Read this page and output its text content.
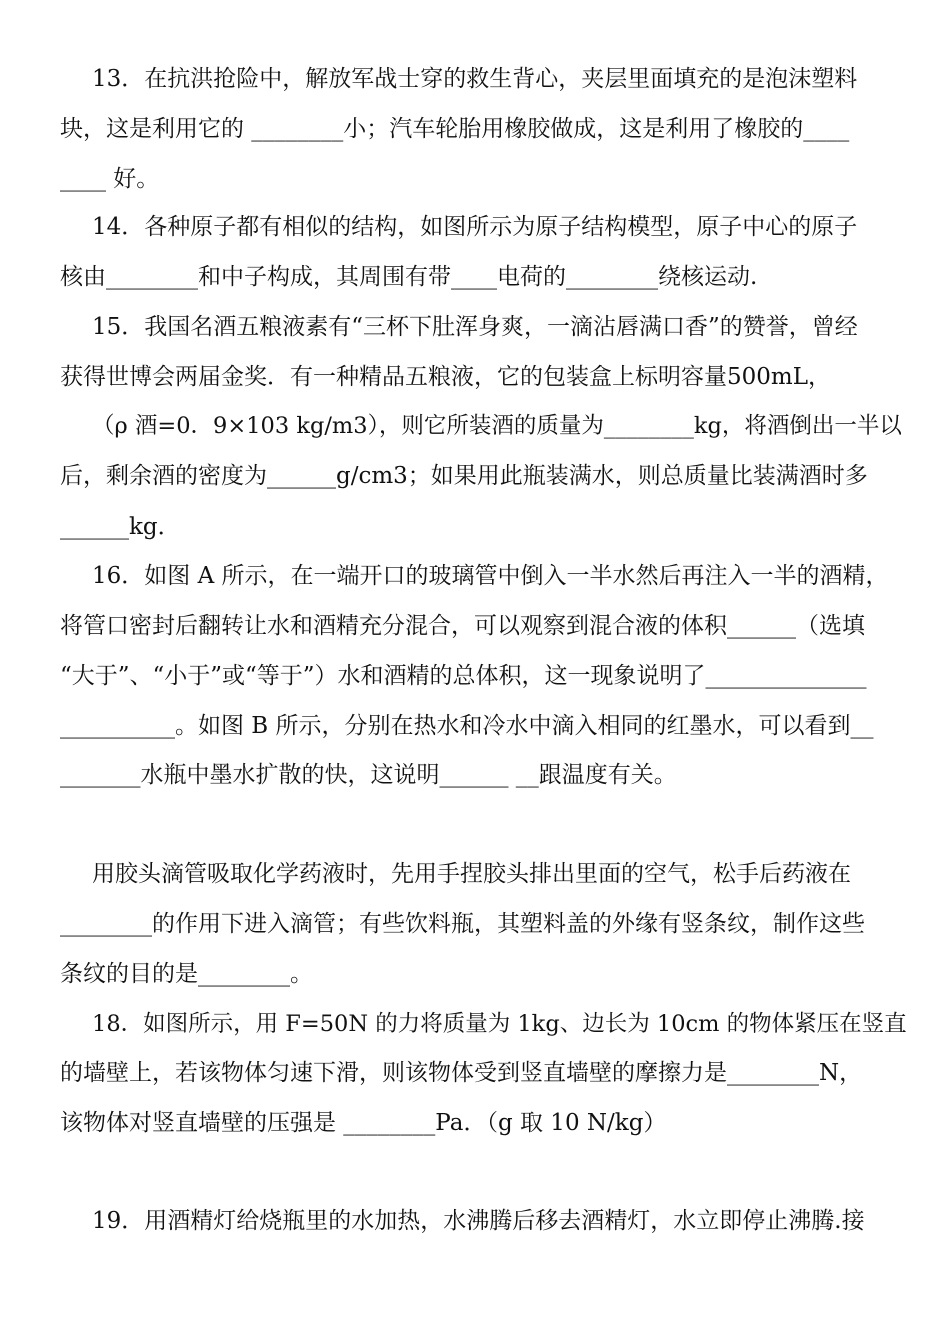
13．在抗洪抢险中，解放军战士穿的救生背心，夹层里面填充的是泡沫塑料
块，这是利用它的 ________小；汽车轮胎用橡胶做成，这是利用了橡胶的____
____ 好。
14．各种原子都有相似的结构，如图所示为原子结构模型，原子中心的原子
核由________和中子构成，其周围有带____电荷的________绕核运动.
15．我国名酒五粮液素有“三杯下肚浑身爽，一滴沾唇满口香”的赞誉，曾经
获得世博会两届金奖．有一种精品五粮液，它的包装盒上标明容量500mL，
（ρ 酒=0．9×103 kg/m3），则它所装酒的质量为________kg，将酒倒出一半以
后，剩余酒的密度为______g/cm3；如果用此瓶装满水，则总质量比装满酒时多
______kg．
16．如图 A 所示，在一端开口的玻璃管中倒入一半水然后再注入一半的酒精，
将管口密封后翻转让水和酒精充分混合，可以观察到混合液的体积______（选填
“大于”、“小于”或“等于”）水和酒精的总体积，这一现象说明了______________
__________。如图 B 所示，分别在热水和冷水中滴入相同的红墨水，可以看到__
_______水瓶中墨水扩散的快，这说明______ __跟温度有关。
用胶头滴管吸取化学药液时，先用手捏胶头排出里面的空气，松手后药液在
________的作用下进入滴管；有些饮料瓶，其塑料盖的外缘有竖条纹，制作这些
条纹的目的是________。
18．如图所示，用 F=50N 的力将质量为 1kg、边长为 10cm 的物体紧压在竖直
的墙壁上，若该物体匀速下滑，则该物体受到竖直墙壁的摩擦力是________N，
该物体对竖直墙壁的压强是 ________Pa．（g 取 10 N/kg）
19．用酒精灯给烧瓶里的水加热，水沸腾后移去酒精灯，水立即停止沸腾.接
